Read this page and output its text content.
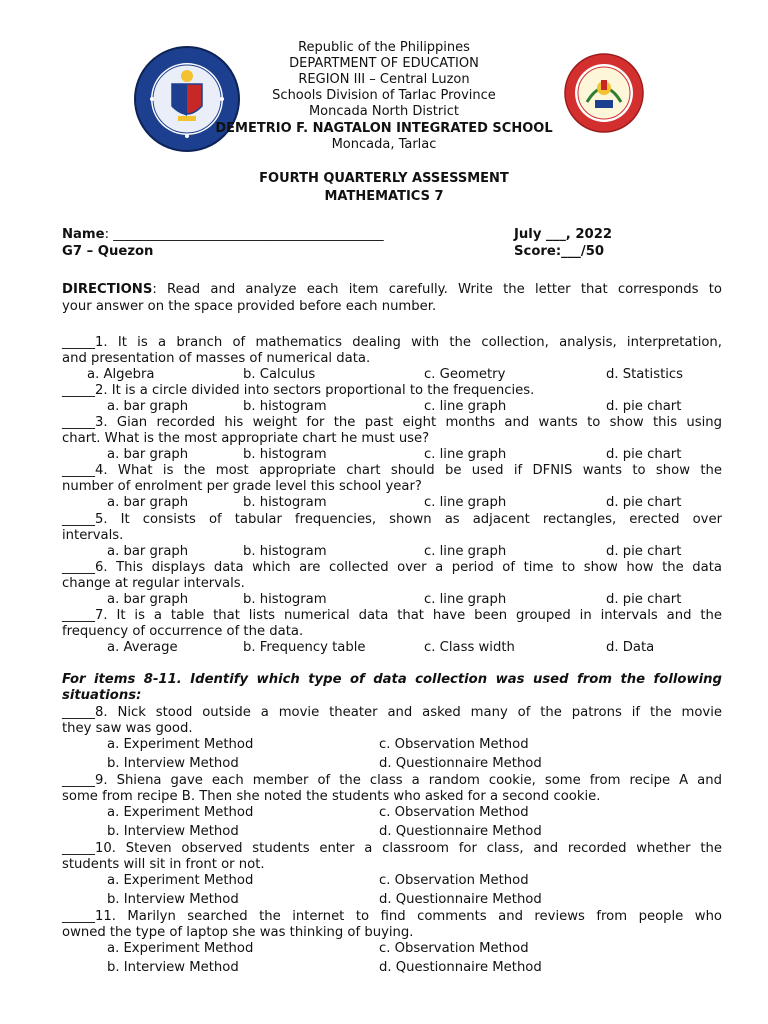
Republic of the Philippines
DEPARTMENT OF EDUCATION
REGION III – Central Luzon
Schools Division of Tarlac Province
Moncada North District
DEMETRIO F. NAGTALON INTEGRATED SCHOOL
Moncada, Tarlac
FOURTH QUARTERLY ASSESSMENT
MATHEMATICS 7
Name: _________________________________________	July ___, 2022
G7 – Quezon	Score:___/50
DIRECTIONS: Read and analyze each item carefully. Write the letter that corresponds to
your answer on the space provided before each number.
_____1. It is a branch of mathematics dealing with the collection, analysis, interpretation,
and presentation of masses of numerical data.
a. Algebra	b. Calculus	c. Geometry	d. Statistics
_____2. It is a circle divided into sectors proportional to the frequencies.
a. bar graph	b. histogram	c. line graph	d. pie chart
_____3. Gian recorded his weight for the past eight months and wants to show this using
chart. What is the most appropriate chart he must use?
a. bar graph	b. histogram	c. line graph	d. pie chart
_____4. What is the most appropriate chart should be used if DFNIS wants to show the
number of enrolment per grade level this school year?
a. bar graph	b. histogram	c. line graph	d. pie chart
_____5. It consists of tabular frequencies, shown as adjacent rectangles, erected over
intervals.
a. bar graph	b. histogram	c. line graph	d. pie chart
_____6. This displays data which are collected over a period of time to show how the data
change at regular intervals.
a. bar graph	b. histogram	c. line graph	d. pie chart
_____7. It is a table that lists numerical data that have been grouped in intervals and the
frequency of occurrence of the data.
a. Average	b. Frequency table	c. Class width	d. Data
For items 8-11. Identify which type of data collection was used from the following
situations:
_____8. Nick stood outside a movie theater and asked many of the patrons if the movie
they saw was good.
a. Experiment Method	c. Observation Method
b. Interview Method	d. Questionnaire Method
_____9. Shiena gave each member of the class a random cookie, some from recipe A and
some from recipe B. Then she noted the students who asked for a second cookie.
a. Experiment Method	c. Observation Method
b. Interview Method	d. Questionnaire Method
_____10. Steven observed students enter a classroom for class, and recorded whether the
students will sit in front or not.
a. Experiment Method	c. Observation Method
b. Interview Method	d. Questionnaire Method
_____11. Marilyn searched the internet to find comments and reviews from people who
owned the type of laptop she was thinking of buying.
a. Experiment Method	c. Observation Method
b. Interview Method	d. Questionnaire Method
